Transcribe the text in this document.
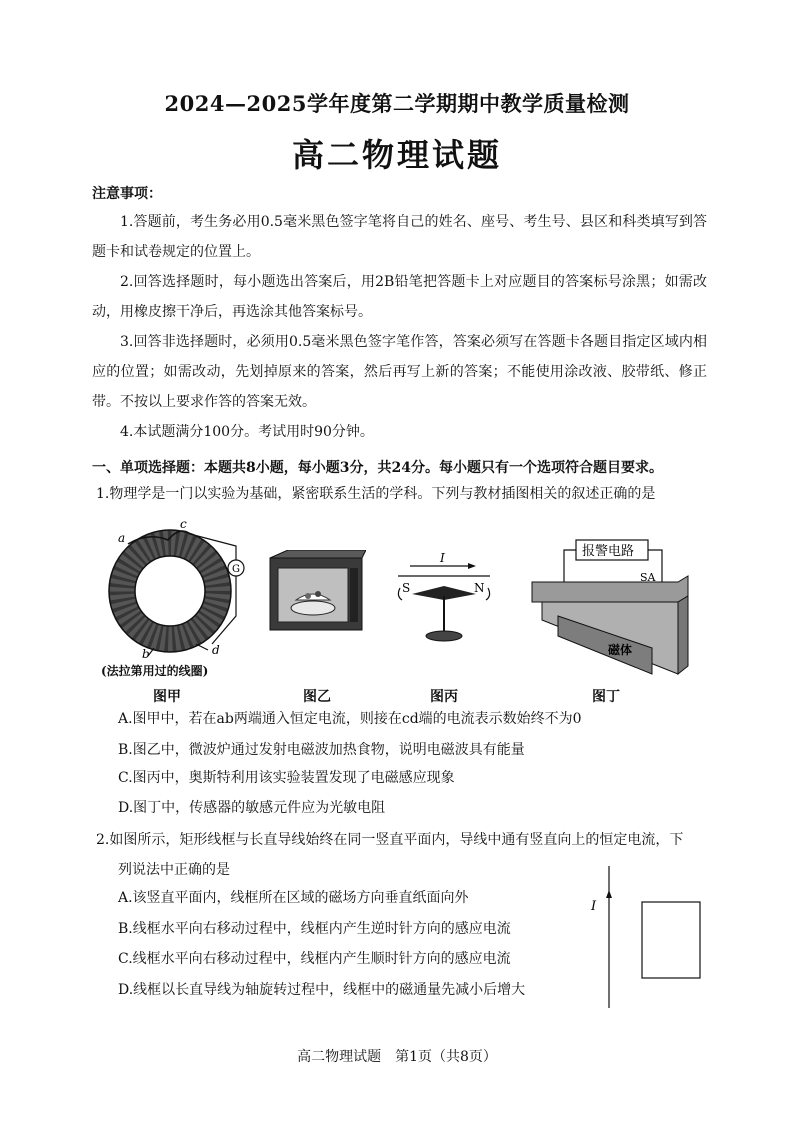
2024—2025学年度第二学期期中教学质量检测
高二物理试题
注意事项：
1.答题前，考生务必用0.5毫米黑色签字笔将自己的姓名、座号、考生号、县区和科类填写到答题卡和试卷规定的位置上。
2.回答选择题时，每小题选出答案后，用2B铅笔把答题卡上对应题目的答案标号涂黑；如需改动，用橡皮擦干净后，再选涂其他答案标号。
3.回答非选择题时，必须用0.5毫米黑色签字笔作答，答案必须写在答题卡各题目指定区域内相应的位置；如需改动，先划掉原来的答案，然后再写上新的答案；不能使用涂改液、胶带纸、修正带。不按以上要求作答的答案无效。
4.本试题满分100分。考试用时90分钟。
一、单项选择题：本题共8小题，每小题3分，共24分。每小题只有一个选项符合题目要求。
1.物理学是一门以实验为基础，紧密联系生活的学科。下列与教材插图相关的叙述正确的是
G
a
c
b	d
(法拉第用过的线圈)
图甲	图乙
I
S	N
图丙
报警电路
SA
磁体
图丁
A.图甲中，若在ab两端通入恒定电流，则接在cd端的电流表示数始终不为0
B.图乙中，微波炉通过发射电磁波加热食物，说明电磁波具有能量
C.图丙中，奥斯特利用该实验装置发现了电磁感应现象
D.图丁中，传感器的敏感元件应为光敏电阻
2.如图所示，矩形线框与长直导线始终在同一竖直平面内，导线中通有竖直向上的恒定电流，下
列说法中正确的是
I
A.该竖直平面内，线框所在区域的磁场方向垂直纸面向外
B.线框水平向右移动过程中，线框内产生逆时针方向的感应电流
C.线框水平向右移动过程中，线框内产生顺时针方向的感应电流
D.线框以长直导线为轴旋转过程中，线框中的磁通量先减小后增大
高二物理试题　第1页（共8页）
